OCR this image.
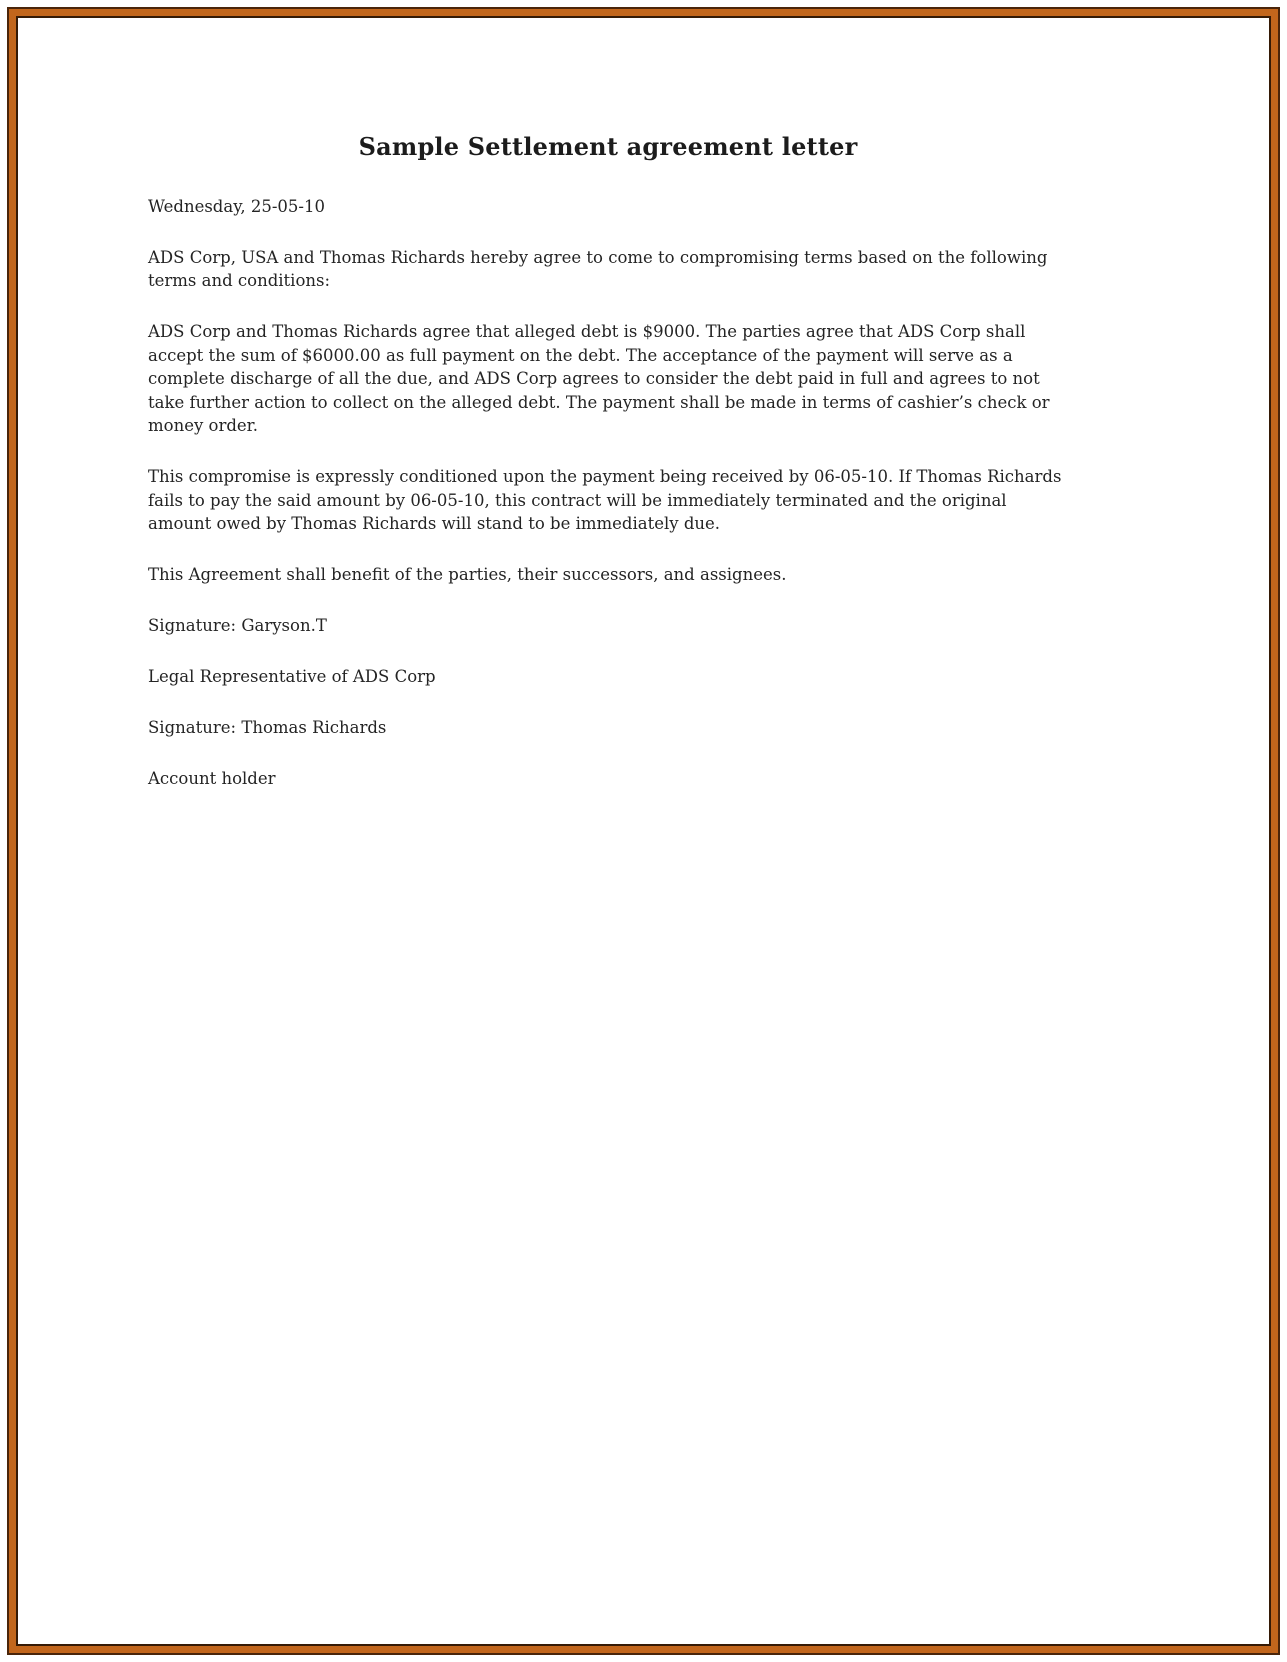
Sample Settlement agreement letter

Wednesday, 25-05-10

ADS Corp, USA and Thomas Richards hereby agree to come to compromising terms based on the following terms and conditions:

ADS Corp and Thomas Richards agree that alleged debt is $9000. The parties agree that ADS Corp shall accept the sum of $6000.00 as full payment on the debt. The acceptance of the payment will serve as a complete discharge of all the due, and ADS Corp agrees to consider the debt paid in full and agrees to not take further action to collect on the alleged debt. The payment shall be made in terms of cashier’s check or money order.

This compromise is expressly conditioned upon the payment being received by 06-05-10. If Thomas Richards fails to pay the said amount by 06-05-10, this contract will be immediately terminated and the original amount owed by Thomas Richards will stand to be immediately due.

This Agreement shall benefit of the parties, their successors, and assignees.

Signature: Garyson.T

Legal Representative of ADS Corp

Signature: Thomas Richards

Account holder
